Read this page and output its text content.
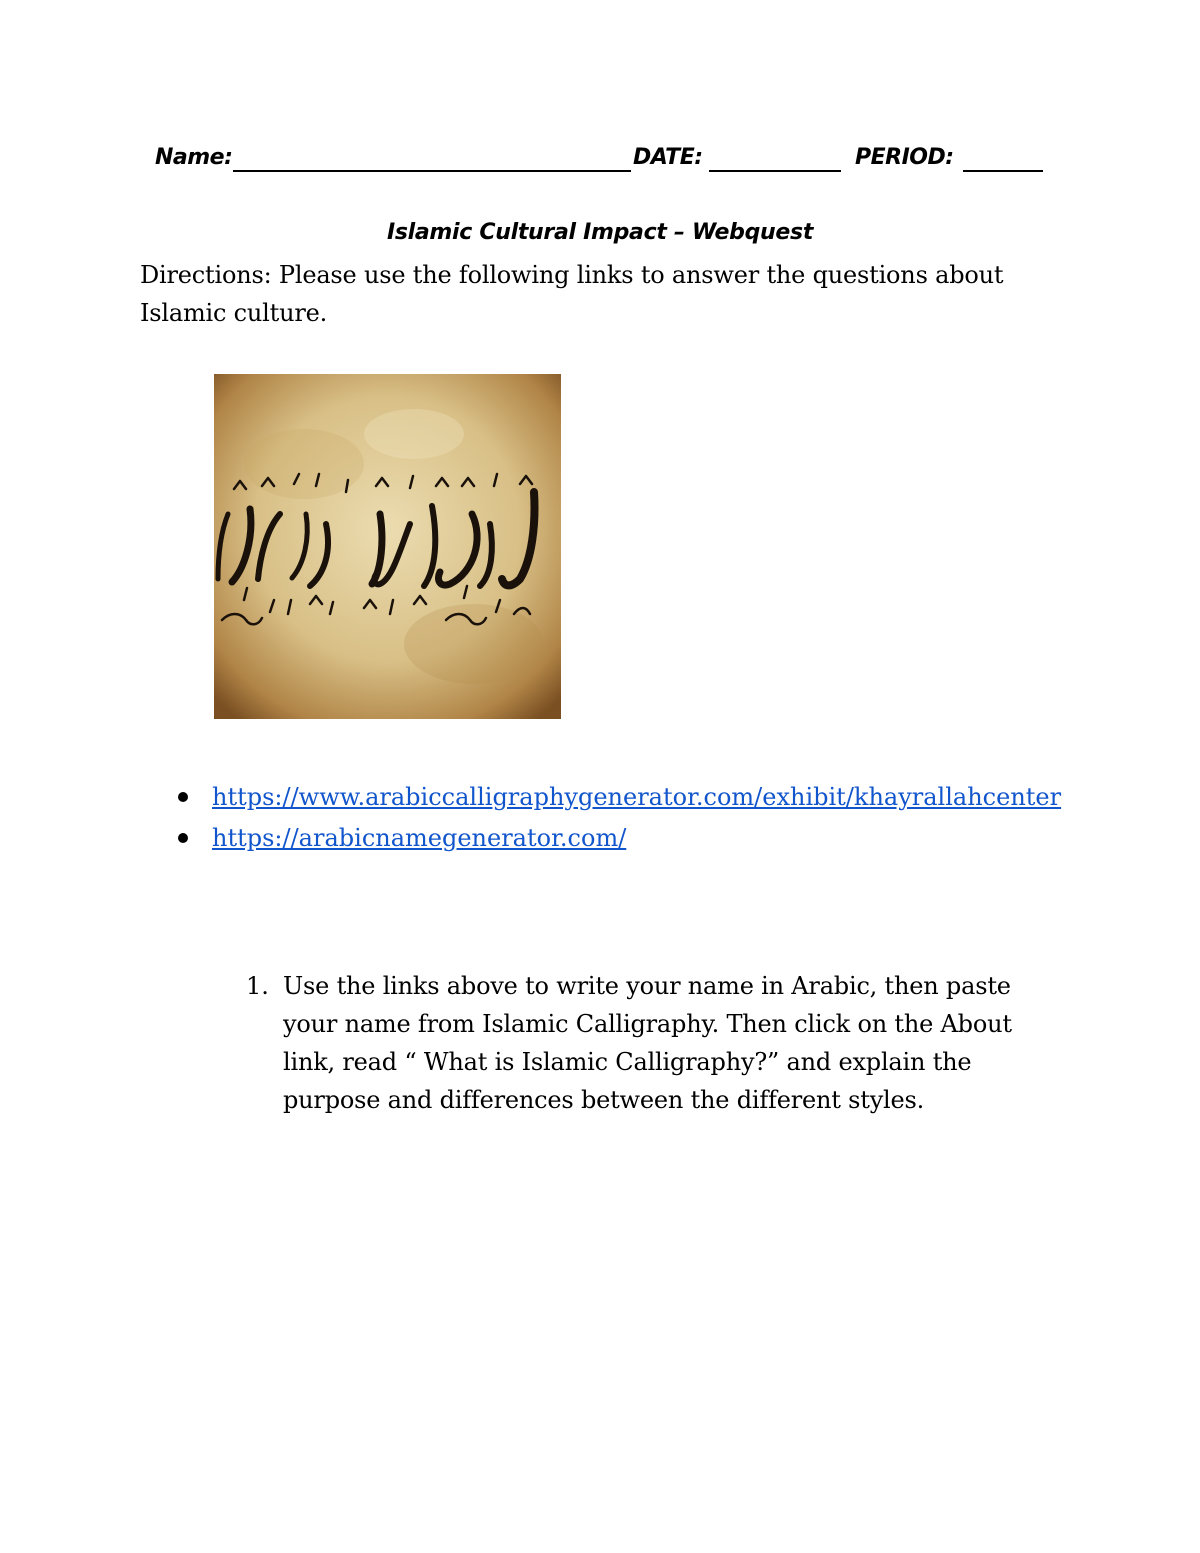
Name:	DATE:	PERIOD:
Islamic Cultural Impact – Webquest
Directions: Please use the following links to answer the questions about Islamic culture.
https://www.arabiccalligraphygenerator.com/exhibit/khayrallahcenter
https://arabicnamegenerator.com/
1. Use the links above to write your name in Arabic, then paste your name from Islamic Calligraphy. Then click on the About link, read “ What is Islamic Calligraphy?” and explain the purpose and differences between the different styles.
